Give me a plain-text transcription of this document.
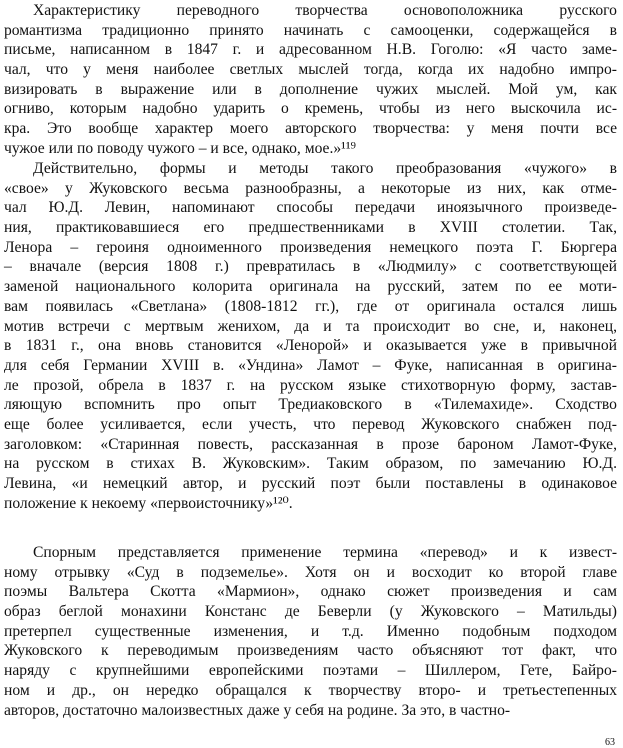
Характеристику переводного творчества основоположника русского
романтизма традиционно принято начинать с самооценки, содержащейся в
письме, написанном в 1847 г. и адресованном Н.В. Гоголю: «Я часто заме-
чал, что у меня наиболее светлых мыслей тогда, когда их надобно импро-
визировать в выражение или в дополнение чужих мыслей. Мой ум, как
огниво, которым надобно ударить о кремень, чтобы из него выскочила ис-
кра. Это вообще характер моего авторского творчества: у меня почти все
чужое или по поводу чужого – и все, однако, мое.»¹¹⁹
Действительно, формы и методы такого преобразования «чужого» в
«свое» у Жуковского весьма разнообразны, а некоторые из них, как отме-
чал Ю.Д. Левин, напоминают способы передачи иноязычного произведе-
ния, практиковавшиеся его предшественниками в XVIII столетии. Так,
Ленора – героиня одноименного произведения немецкого поэта Г. Бюргера
– вначале (версия 1808 г.) превратилась в «Людмилу» с соответствующей
заменой национального колорита оригинала на русский, затем по ее моти-
вам появилась «Светлана» (1808-1812 гг.), где от оригинала остался лишь
мотив встречи с мертвым женихом, да и та происходит во сне, и, наконец,
в 1831 г., она вновь становится «Ленорой» и оказывается уже в привычной
для себя Германии XVIII в. «Ундина» Ламот – Фуке, написанная в оригина-
ле прозой, обрела в 1837 г. на русском языке стихотворную форму, застав-
ляющую вспомнить про опыт Тредиаковского в «Тилемахиде». Сходство
еще более усиливается, если учесть, что перевод Жуковского снабжен под-
заголовком: «Старинная повесть, рассказанная в прозе бароном Ламот-Фуке,
на русском в стихах В. Жуковским». Таким образом, по замечанию Ю.Д.
Левина, «и немецкий автор, и русский поэт были поставлены в одинаковое
положение к некоему «первоисточнику»¹²⁰.
Спорным представляется применение термина «перевод» и к извест-
ному отрывку «Суд в подземелье». Хотя он и восходит ко второй главе
поэмы Вальтера Скотта «Мармион», однако сюжет произведения и сам
образ беглой монахини Констанс де Беверли (у Жуковского – Матильды)
претерпел существенные изменения, и т.д. Именно подобным подходом
Жуковского к переводимым произведениям часто объясняют тот факт, что
наряду с крупнейшими европейскими поэтами – Шиллером, Гете, Байро-
ном и др., он нередко обращался к творчеству второ- и третьестепенных
авторов, достаточно малоизвестных даже у себя на родине. За это, в частно-
63
